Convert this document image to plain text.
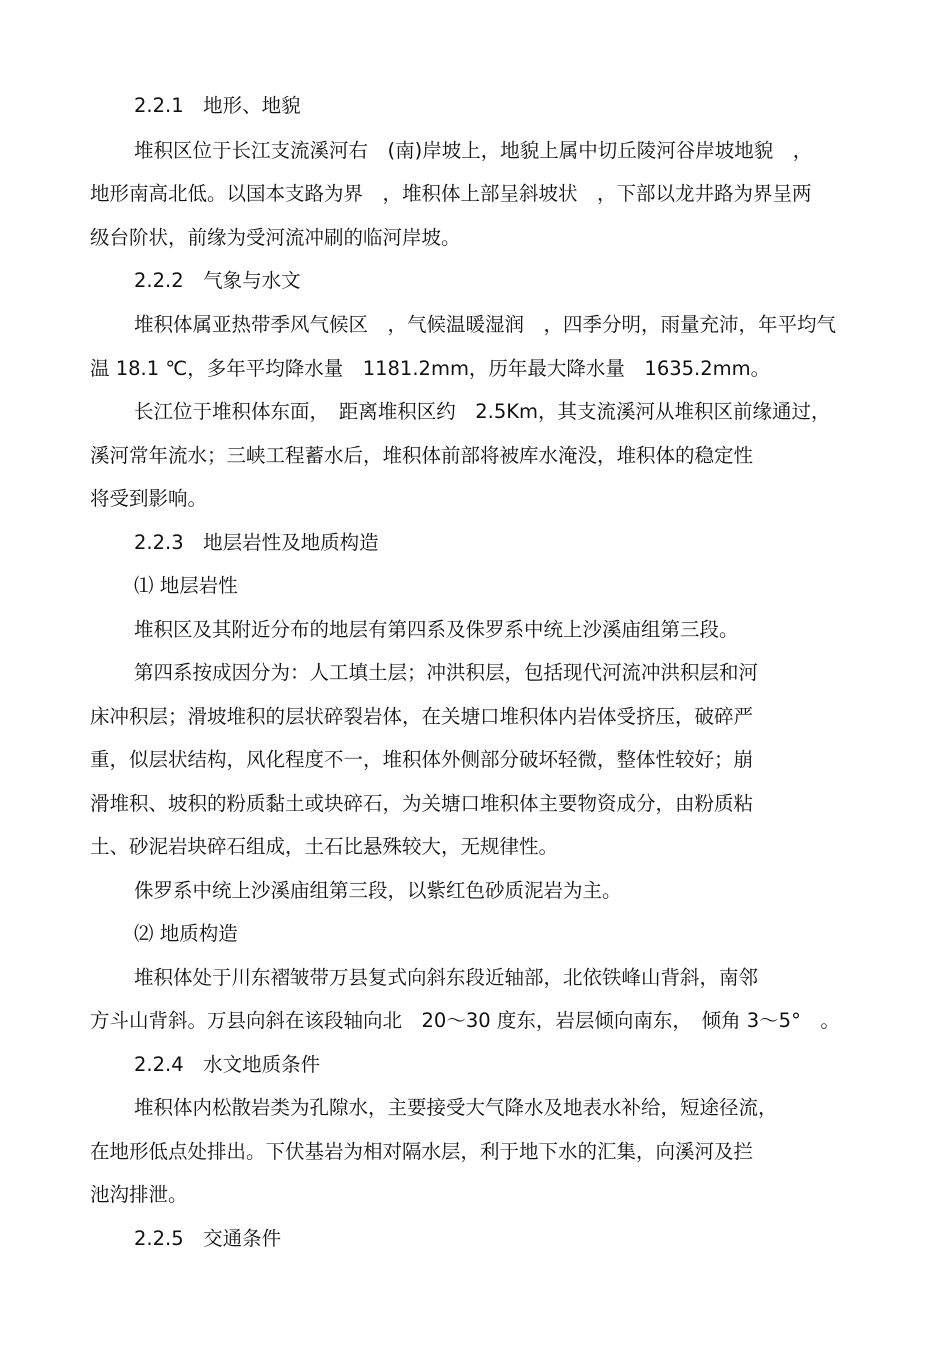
2.2.1　地形、地貌
堆积区位于长江支流溪河右　(南)岸坡上，地貌上属中切丘陵河谷岸坡地貌　，
地形南高北低。以国本支路为界　，堆积体上部呈斜坡状　，下部以龙井路为界呈两
级台阶状，前缘为受河流冲刷的临河岸坡。
2.2.2　气象与水文
堆积体属亚热带季风气候区　，气候温暖湿润　，四季分明，雨量充沛，年平均气
温 18.1 ℃，多年平均降水量　1181.2mm，历年最大降水量　1635.2mm。
长江位于堆积体东面，　距离堆积区约　2.5Km，其支流溪河从堆积区前缘通过，
溪河常年流水；三峡工程蓄水后，堆积体前部将被库水淹没，堆积体的稳定性
将受到影响。
2.2.3　地层岩性及地质构造
⑴ 地层岩性
堆积区及其附近分布的地层有第四系及侏罗系中统上沙溪庙组第三段。
第四系按成因分为：人工填土层；冲洪积层，包括现代河流冲洪积层和河
床冲积层；滑坡堆积的层状碎裂岩体，在关塘口堆积体内岩体受挤压，破碎严
重，似层状结构，风化程度不一，堆积体外侧部分破坏轻微，整体性较好；崩
滑堆积、坡积的粉质黏土或块碎石，为关塘口堆积体主要物资成分，由粉质粘
土、砂泥岩块碎石组成，土石比悬殊较大，无规律性。
侏罗系中统上沙溪庙组第三段，以紫红色砂质泥岩为主。
⑵ 地质构造
堆积体处于川东褶皱带万县复式向斜东段近轴部，北依铁峰山背斜，南邻
方斗山背斜。万县向斜在该段轴向北　20～30 度东，岩层倾向南东，　倾角 3～5°　。
2.2.4　水文地质条件
堆积体内松散岩类为孔隙水，主要接受大气降水及地表水补给，短途径流，
在地形低点处排出。下伏基岩为相对隔水层，利于地下水的汇集，向溪河及拦
池沟排泄。
2.2.5　交通条件
